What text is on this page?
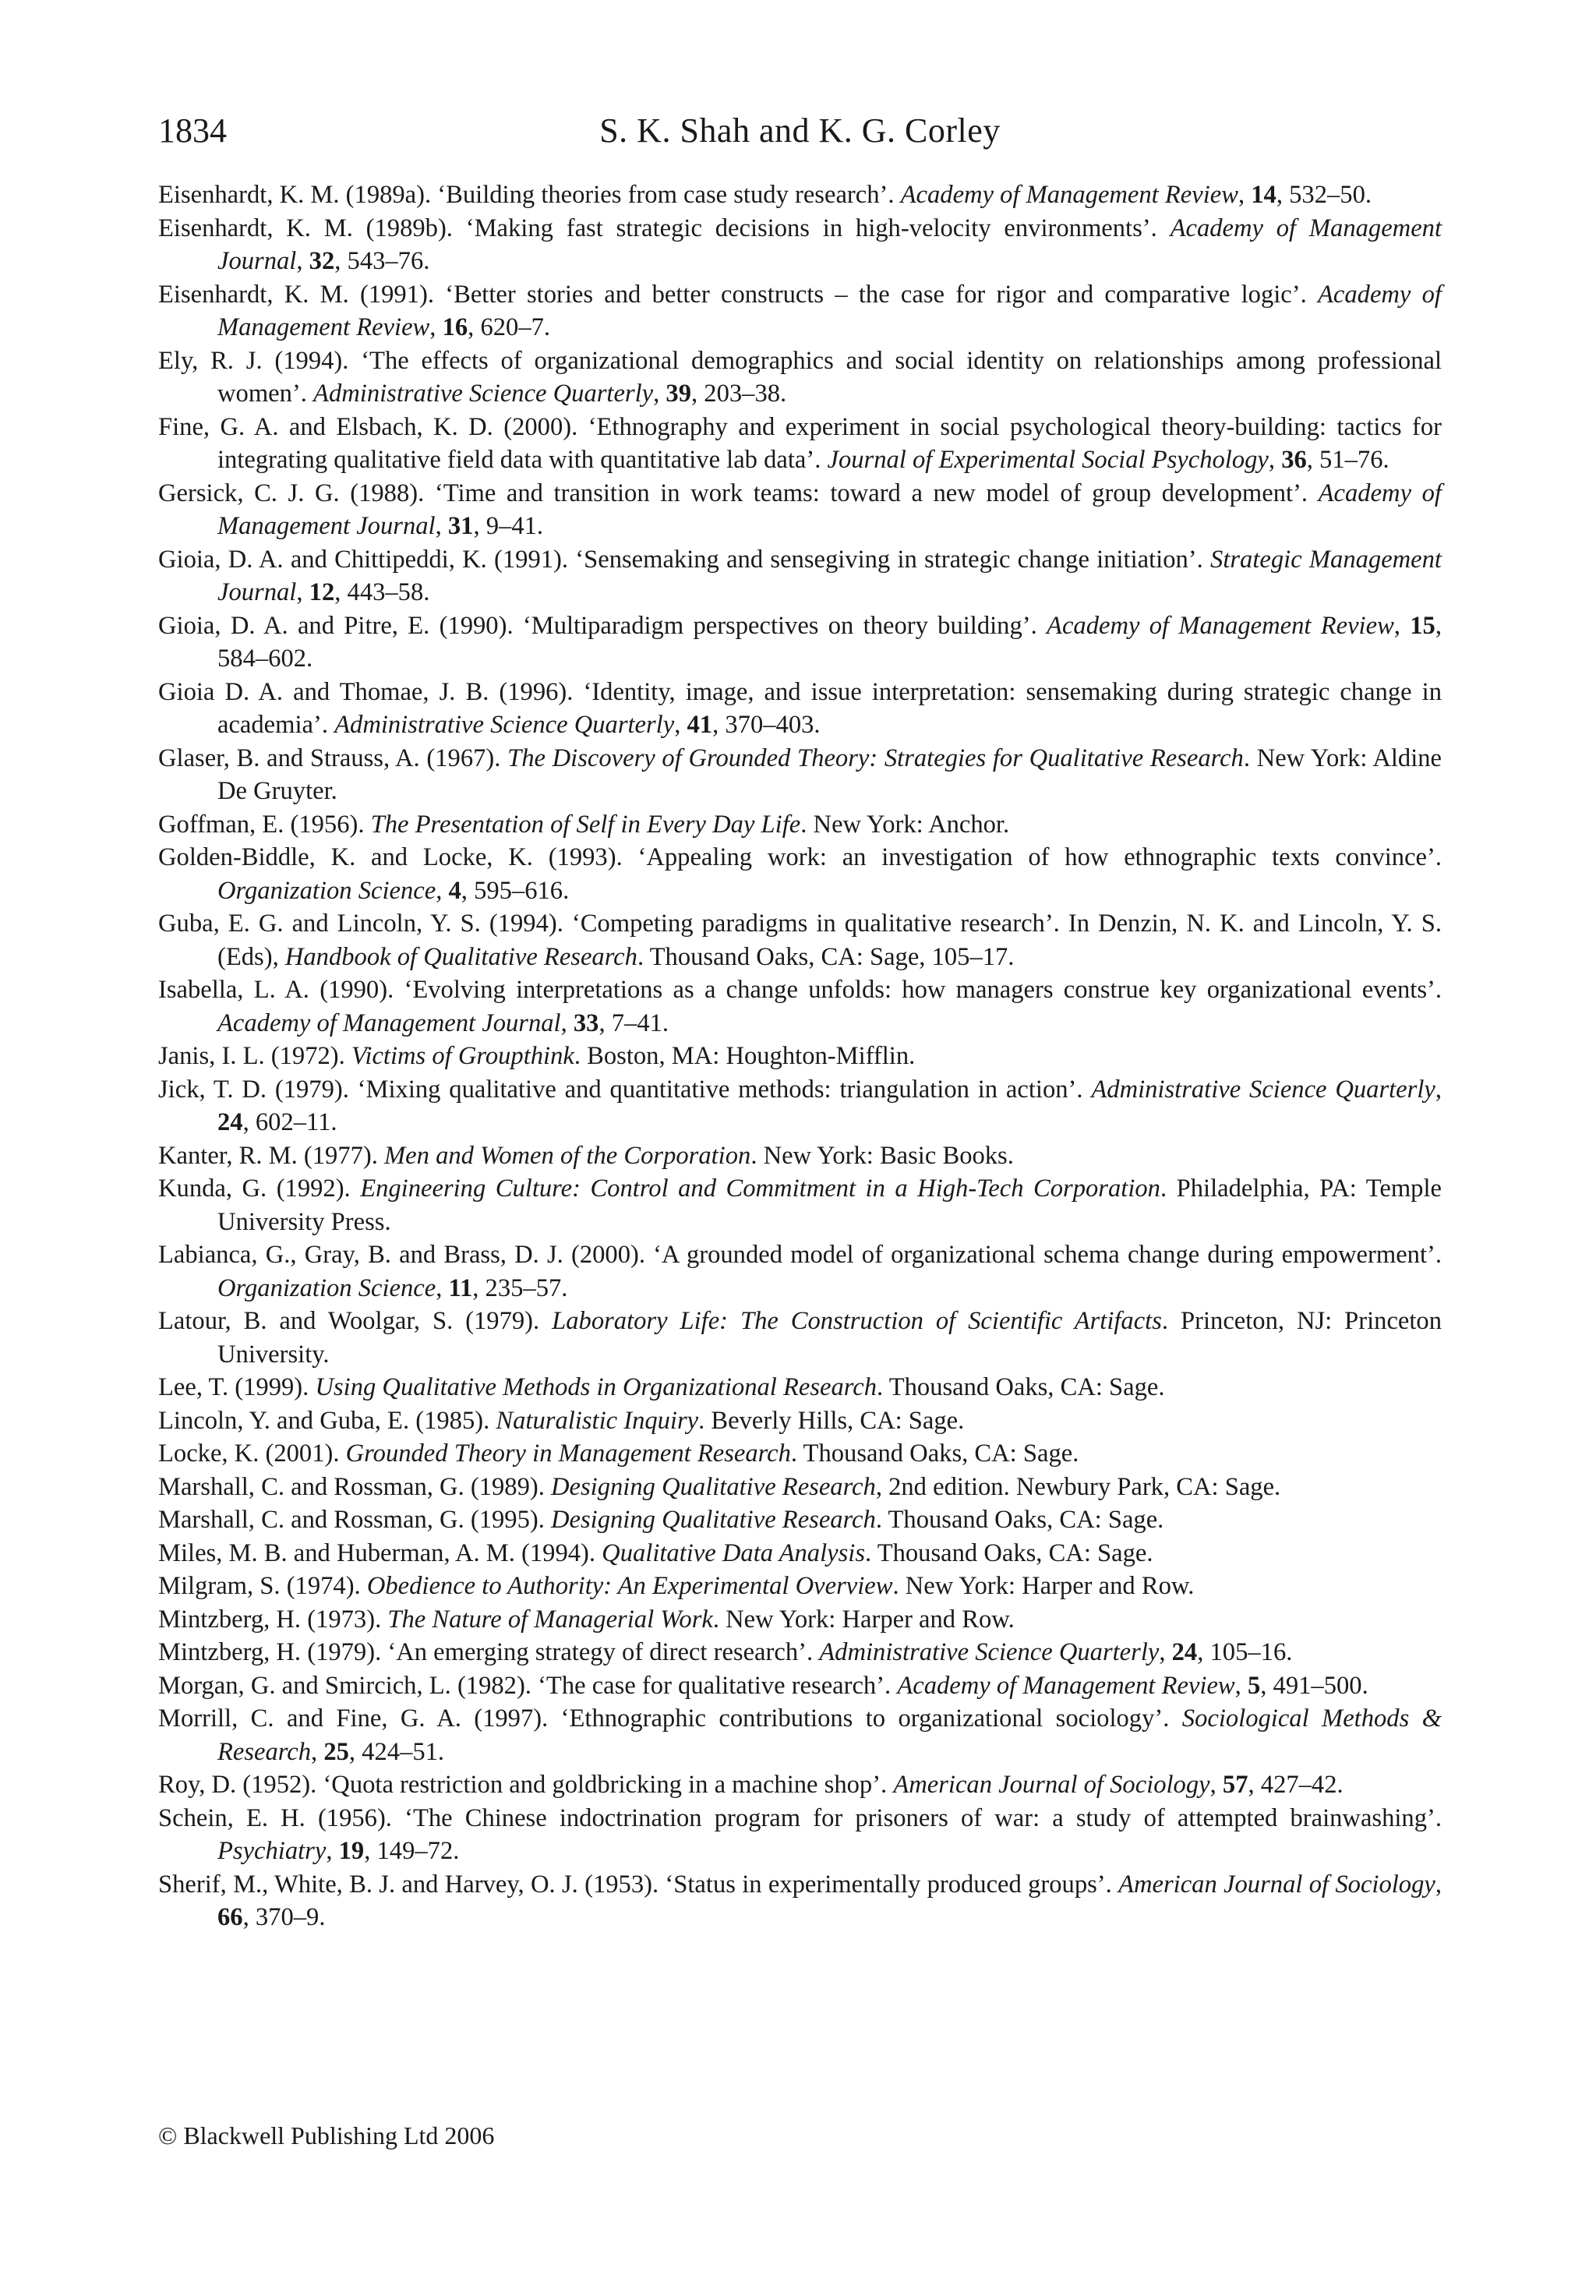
1834	S. K. Shah and K. G. Corley
Eisenhardt, K. M. (1989a). ‘Building theories from case study research’. Academy of Management Review, 14, 532–50.
Eisenhardt, K. M. (1989b). ‘Making fast strategic decisions in high-velocity environments’. Academy of Management Journal, 32, 543–76.
Eisenhardt, K. M. (1991). ‘Better stories and better constructs – the case for rigor and comparative logic’. Academy of Management Review, 16, 620–7.
Ely, R. J. (1994). ‘The effects of organizational demographics and social identity on relationships among professional women’. Administrative Science Quarterly, 39, 203–38.
Fine, G. A. and Elsbach, K. D. (2000). ‘Ethnography and experiment in social psychological theory-building: tactics for integrating qualitative field data with quantitative lab data’. Journal of Experimental Social Psychology, 36, 51–76.
Gersick, C. J. G. (1988). ‘Time and transition in work teams: toward a new model of group development’. Academy of Management Journal, 31, 9–41.
Gioia, D. A. and Chittipeddi, K. (1991). ‘Sensemaking and sensegiving in strategic change initiation’. Strategic Management Journal, 12, 443–58.
Gioia, D. A. and Pitre, E. (1990). ‘Multiparadigm perspectives on theory building’. Academy of Management Review, 15, 584–602.
Gioia D. A. and Thomae, J. B. (1996). ‘Identity, image, and issue interpretation: sensemaking during strategic change in academia’. Administrative Science Quarterly, 41, 370–403.
Glaser, B. and Strauss, A. (1967). The Discovery of Grounded Theory: Strategies for Qualitative Research. New York: Aldine De Gruyter.
Goffman, E. (1956). The Presentation of Self in Every Day Life. New York: Anchor.
Golden-Biddle, K. and Locke, K. (1993). ‘Appealing work: an investigation of how ethnographic texts convince’. Organization Science, 4, 595–616.
Guba, E. G. and Lincoln, Y. S. (1994). ‘Competing paradigms in qualitative research’. In Denzin, N. K. and Lincoln, Y. S. (Eds), Handbook of Qualitative Research. Thousand Oaks, CA: Sage, 105–17.
Isabella, L. A. (1990). ‘Evolving interpretations as a change unfolds: how managers construe key organizational events’. Academy of Management Journal, 33, 7–41.
Janis, I. L. (1972). Victims of Groupthink. Boston, MA: Houghton-Mifflin.
Jick, T. D. (1979). ‘Mixing qualitative and quantitative methods: triangulation in action’. Administrative Science Quarterly, 24, 602–11.
Kanter, R. M. (1977). Men and Women of the Corporation. New York: Basic Books.
Kunda, G. (1992). Engineering Culture: Control and Commitment in a High-Tech Corporation. Philadelphia, PA: Temple University Press.
Labianca, G., Gray, B. and Brass, D. J. (2000). ‘A grounded model of organizational schema change during empowerment’. Organization Science, 11, 235–57.
Latour, B. and Woolgar, S. (1979). Laboratory Life: The Construction of Scientific Artifacts. Princeton, NJ: Princeton University.
Lee, T. (1999). Using Qualitative Methods in Organizational Research. Thousand Oaks, CA: Sage.
Lincoln, Y. and Guba, E. (1985). Naturalistic Inquiry. Beverly Hills, CA: Sage.
Locke, K. (2001). Grounded Theory in Management Research. Thousand Oaks, CA: Sage.
Marshall, C. and Rossman, G. (1989). Designing Qualitative Research, 2nd edition. Newbury Park, CA: Sage.
Marshall, C. and Rossman, G. (1995). Designing Qualitative Research. Thousand Oaks, CA: Sage.
Miles, M. B. and Huberman, A. M. (1994). Qualitative Data Analysis. Thousand Oaks, CA: Sage.
Milgram, S. (1974). Obedience to Authority: An Experimental Overview. New York: Harper and Row.
Mintzberg, H. (1973). The Nature of Managerial Work. New York: Harper and Row.
Mintzberg, H. (1979). ‘An emerging strategy of direct research’. Administrative Science Quarterly, 24, 105–16.
Morgan, G. and Smircich, L. (1982). ‘The case for qualitative research’. Academy of Management Review, 5, 491–500.
Morrill, C. and Fine, G. A. (1997). ‘Ethnographic contributions to organizational sociology’. Sociological Methods & Research, 25, 424–51.
Roy, D. (1952). ‘Quota restriction and goldbricking in a machine shop’. American Journal of Sociology, 57, 427–42.
Schein, E. H. (1956). ‘The Chinese indoctrination program for prisoners of war: a study of attempted brainwashing’. Psychiatry, 19, 149–72.
Sherif, M., White, B. J. and Harvey, O. J. (1953). ‘Status in experimentally produced groups’. American Journal of Sociology, 66, 370–9.
© Blackwell Publishing Ltd 2006
